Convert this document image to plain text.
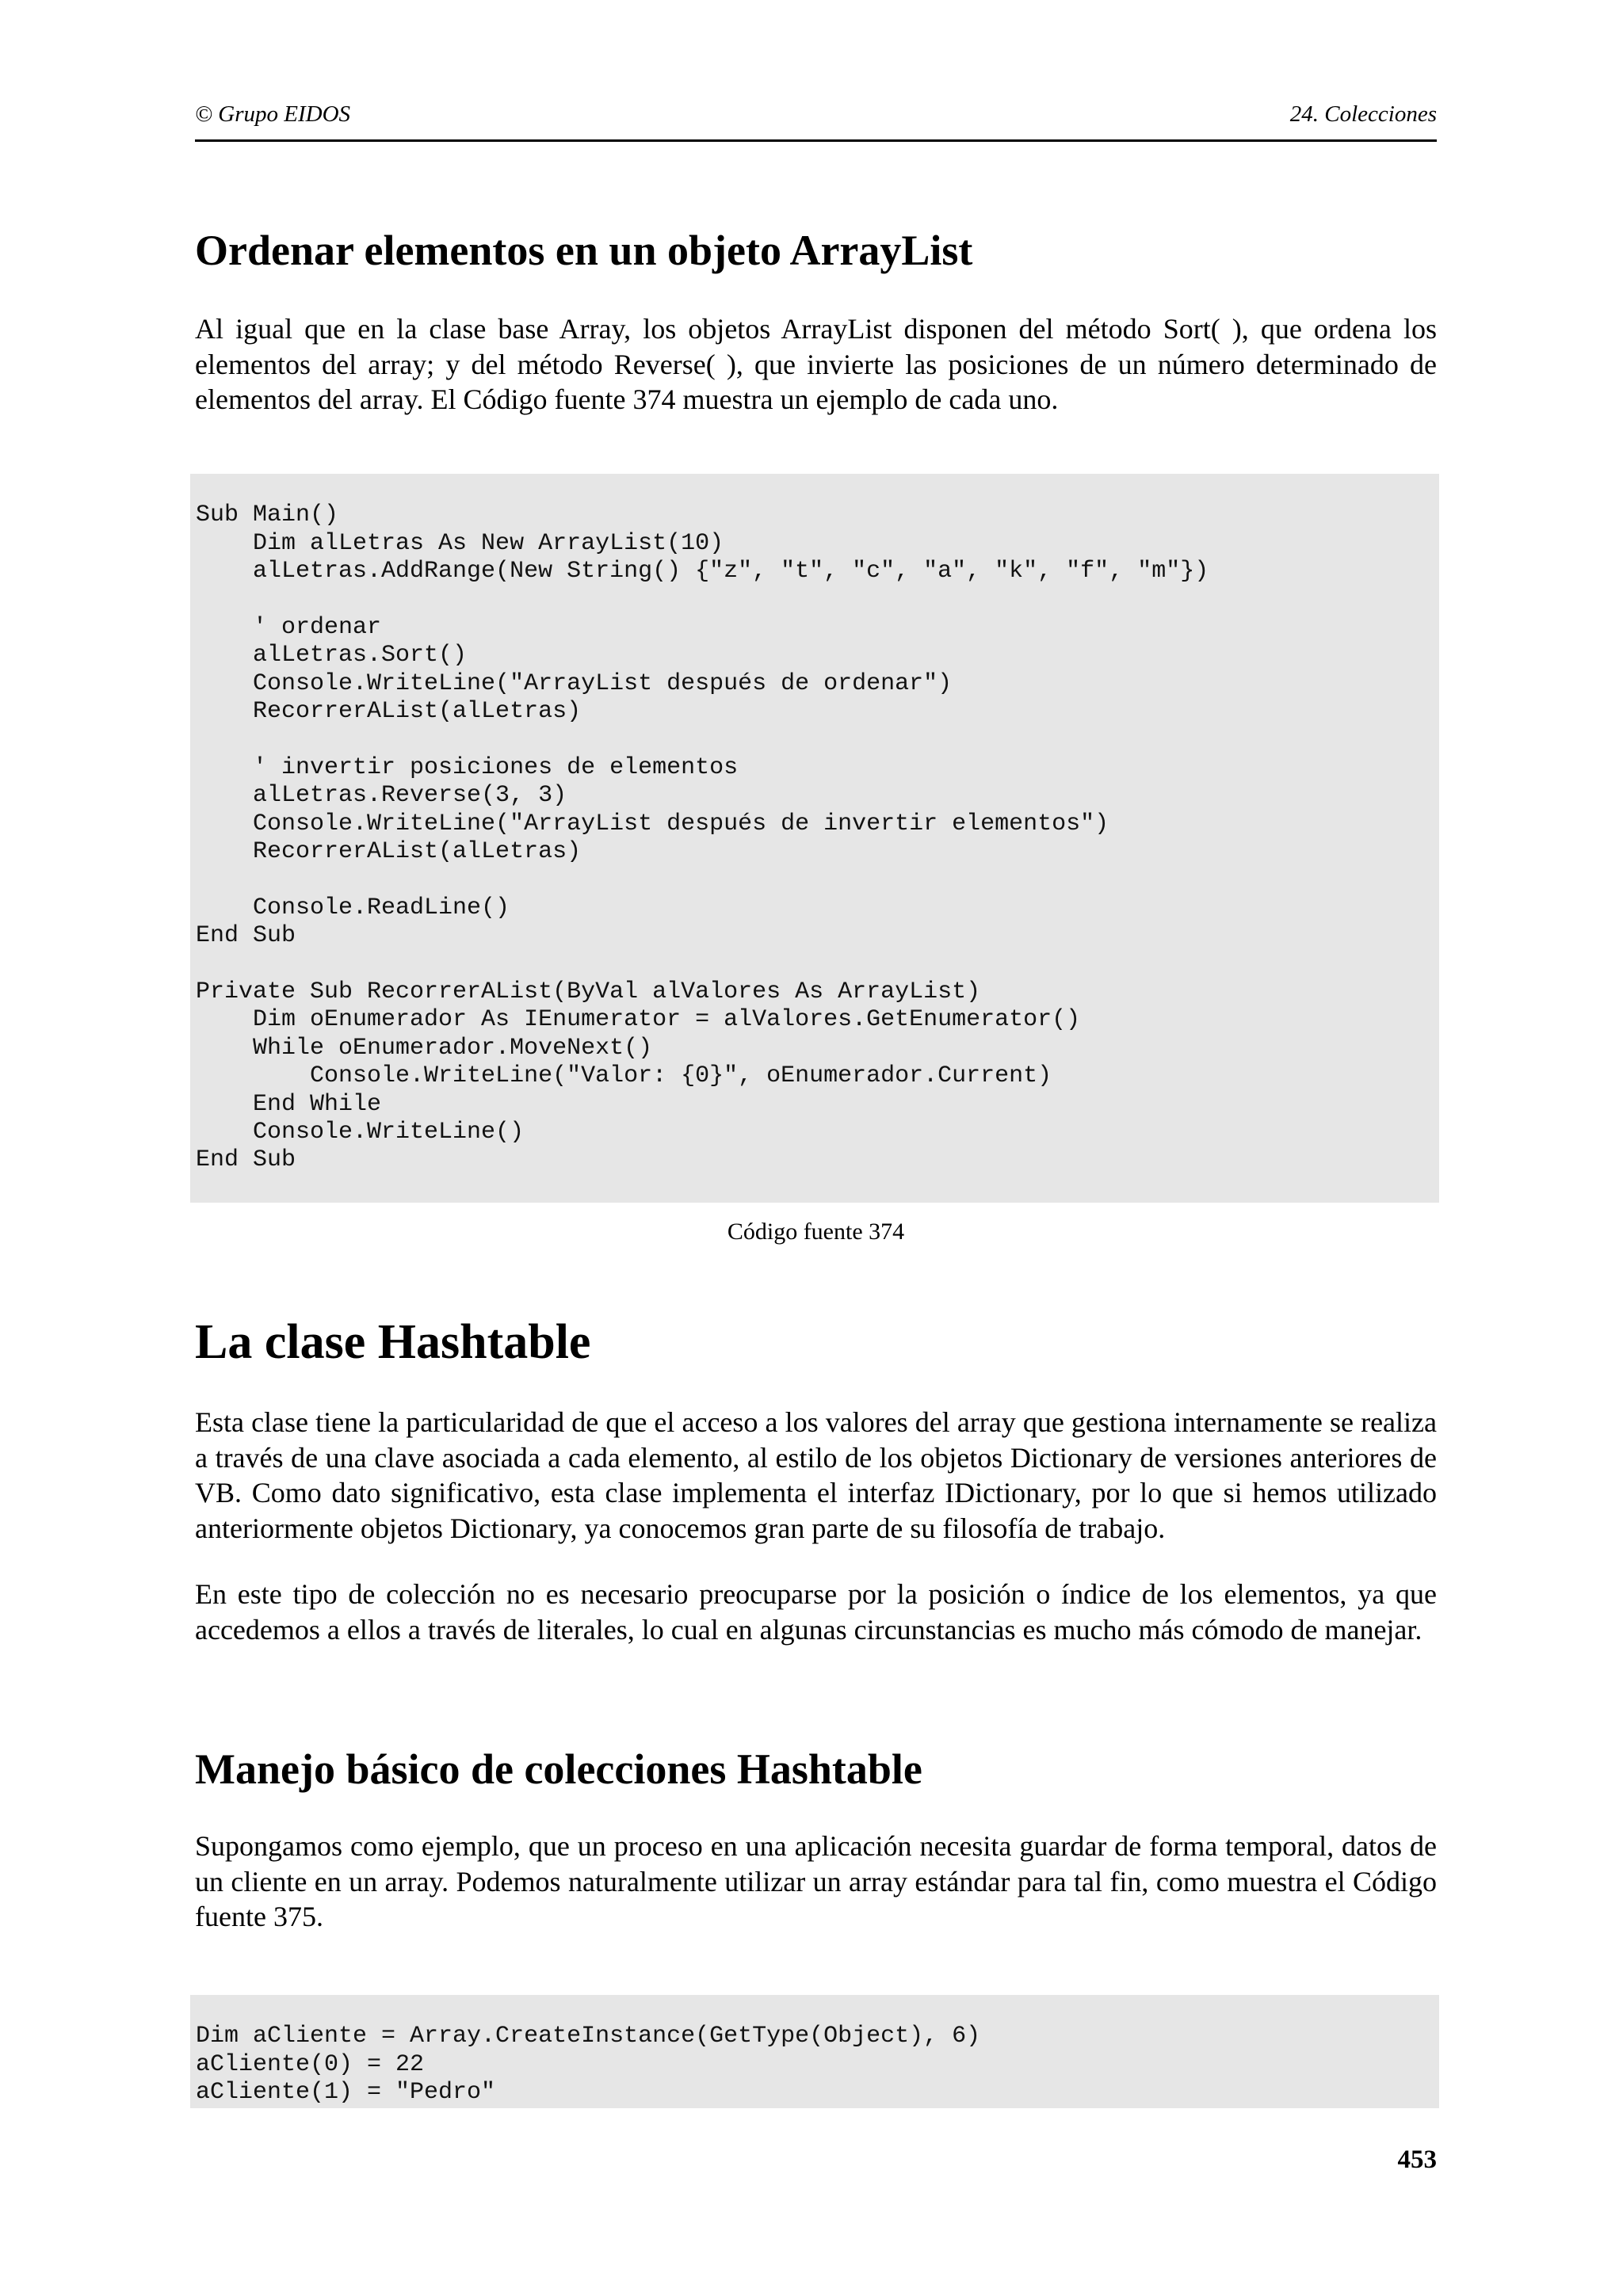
© Grupo EIDOS	24. Colecciones
Ordenar elementos en un objeto ArrayList

Al igual que en la clase base Array, los objetos ArrayList disponen del método Sort( ), que ordena los elementos del array; y del método Reverse( ), que invierte las posiciones de un número determinado de elementos del array. El Código fuente 374 muestra un ejemplo de cada uno.

Sub Main()
Dim alLetras As New ArrayList(10)
alLetras.AddRange(New String() {"z", "t", "c", "a", "k", "f", "m"})
' ordenar
alLetras.Sort()
Console.WriteLine("ArrayList después de ordenar")
RecorrerAList(alLetras)
' invertir posiciones de elementos
alLetras.Reverse(3, 3)
Console.WriteLine("ArrayList después de invertir elementos")
RecorrerAList(alLetras)
Console.ReadLine()
End Sub
Private Sub RecorrerAList(ByVal alValores As ArrayList)
Dim oEnumerador As IEnumerator = alValores.GetEnumerator()
While oEnumerador.MoveNext()
Console.WriteLine("Valor: {0}", oEnumerador.Current)
End While
Console.WriteLine()
End Sub
Código fuente 374
La clase Hashtable

Esta clase tiene la particularidad de que el acceso a los valores del array que gestiona internamente se realiza a través de una clave asociada a cada elemento, al estilo de los objetos Dictionary de versiones anteriores de VB. Como dato significativo, esta clase implementa el interfaz IDictionary, por lo que si hemos utilizado anteriormente objetos Dictionary, ya conocemos gran parte de su filosofía de trabajo.

En este tipo de colección no es necesario preocuparse por la posición o índice de los elementos, ya que accedemos a ellos a través de literales, lo cual en algunas circunstancias es mucho más cómodo de manejar.

Manejo básico de colecciones Hashtable

Supongamos como ejemplo, que un proceso en una aplicación necesita guardar de forma temporal, datos de un cliente en un array. Podemos naturalmente utilizar un array estándar para tal fin, como muestra el Código fuente 375.

Dim aCliente = Array.CreateInstance(GetType(Object), 6)
aCliente(0) = 22
aCliente(1) = "Pedro"
453
